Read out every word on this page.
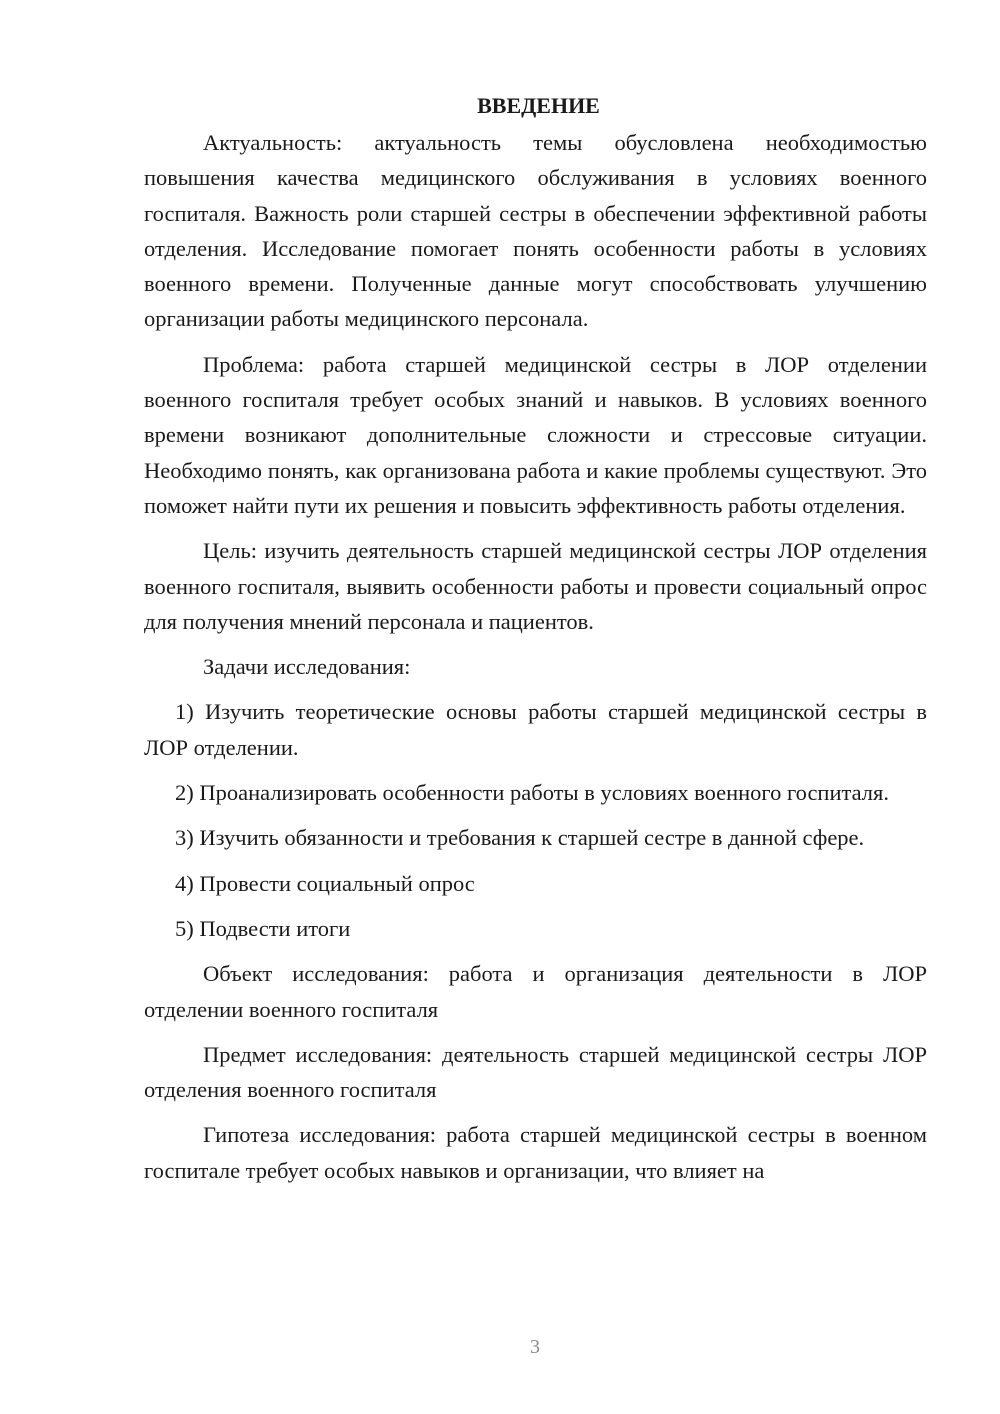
ВВЕДЕНИЕ

Актуальность: актуальность темы обусловлена необходимостью повышения качества медицинского обслуживания в условиях военного госпиталя. Важность роли старшей сестры в обеспечении эффективной работы отделения. Исследование помогает понять особенности работы в условиях военного времени. Полученные данные могут способствовать улучшению организации работы медицинского персонала.

Проблема: работа старшей медицинской сестры в ЛОР отделении военного госпиталя требует особых знаний и навыков. В условиях военного времени возникают дополнительные сложности и стрессовые ситуации. Необходимо понять, как организована работа и какие проблемы существуют. Это поможет найти пути их решения и повысить эффективность работы отделения.

Цель: изучить деятельность старшей медицинской сестры ЛОР отделения военного госпиталя, выявить особенности работы и провести социальный опрос для получения мнений персонала и пациентов.

Задачи исследования:

1) Изучить теоретические основы работы старшей медицинской сестры в ЛОР отделении.

2) Проанализировать особенности работы в условиях военного госпиталя.

3) Изучить обязанности и требования к старшей сестре в данной сфере.

4) Провести социальный опрос

5) Подвести итоги

Объект исследования: работа и организация деятельности в ЛОР отделении военного госпиталя

Предмет исследования: деятельность старшей медицинской сестры ЛОР отделения военного госпиталя

Гипотеза исследования: работа старшей медицинской сестры в военном госпитале требует особых навыков и организации, что влияет на

3
